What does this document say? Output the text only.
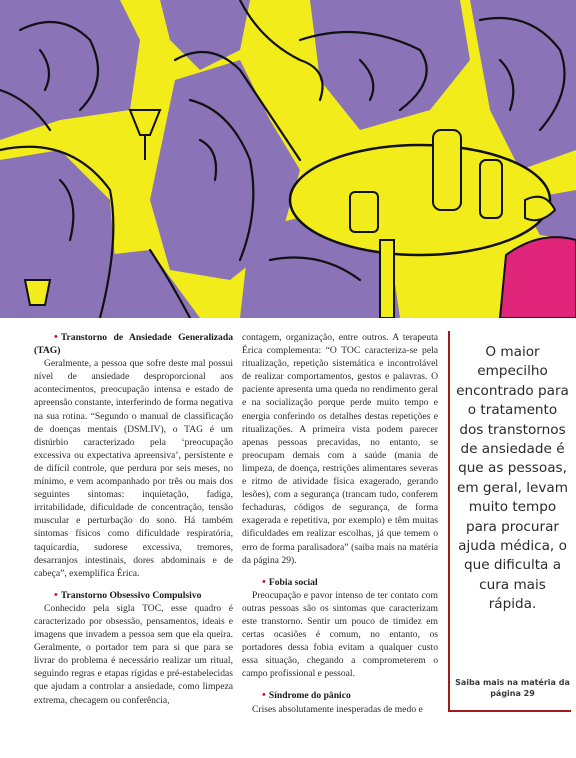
• Transtorno de Ansiedade Generalizada (TAG)

Geralmente, a pessoa que sofre deste mal possui nível de ansiedade desproporcional aos acontecimentos, preocupação intensa e estado de apreensão constante, interferindo de forma negativa na sua rotina. “Segundo o manual de classificação de doenças mentais (DSM.IV), o TAG é um distúrbio caracterizado pela ‘preocupação excessiva ou expectativa apreensiva’, persistente e de difícil controle, que perdura por seis meses, no mínimo, e vem acompanhado por três ou mais dos seguintes sintomas: inquietação, fadiga, irritabilidade, dificuldade de concentração, tensão muscular e perturbação do sono. Há também sintomas físicos como dificuldade respiratória, taquicardia, sudorese excessiva, tremores, desarranjos intestinais, dores abdominais e de cabeça”, exemplifica Érica.

• Transtorno Obsessivo Compulsivo

Conhecido pela sigla TOC, esse quadro é caracterizado por obsessão, pensamentos, ideais e imagens que invadem a pessoa sem que ela queira. Geralmente, o portador tem para si que para se livrar do problema é necessário realizar um ritual, seguindo regras e etapas rígidas e pré-estabelecidas que ajudam a controlar a ansiedade, como limpeza extrema, checagem ou conferência,

contagem, organização, entre outros. A terapeuta Érica complementa: “O TOC caracteriza-se pela ritualização, repetição sistemática e incontrolável de realizar comportamentos, gestos e palavras. O paciente apresenta uma queda no rendimento geral e na socialização porque perde muito tempo e energia conferindo os detalhes destas repetições e ritualizações. A primeira vista podem parecer apenas pessoas precavidas, no entanto, se preocupam demais com a saúde (mania de limpeza, de doença, restrições alimentares severas e ritmo de atividade física exagerado, gerando lesões), com a segurança (trancam tudo, conferem fechaduras, códigos de segurança, de forma exagerada e repetitiva, por exemplo) e têm muitas dificuldades em realizar escolhas, já que temem o erro de forma paralisadora” (saiba mais na matéria da página 29).

• Fobia social

Preocupação e pavor intenso de ter contato com outras pessoas são os sintomas que caracterizam este transtorno. Sentir um pouco de timidez em certas ocasiões é comum, no entanto, os portadores dessa fobia evitam a qualquer custo essa situação, chegando a comprometerem o campo profissional e pessoal.

• Síndrome do pânico

Crises absolutamente inesperadas de medo e

O maior empecilho encontrado para o tratamento dos transtornos de ansiedade é que as pessoas, em geral, levam muito tempo para procurar ajuda médica, o que dificulta a cura mais rápida.
Saiba mais na matéria da página 29
